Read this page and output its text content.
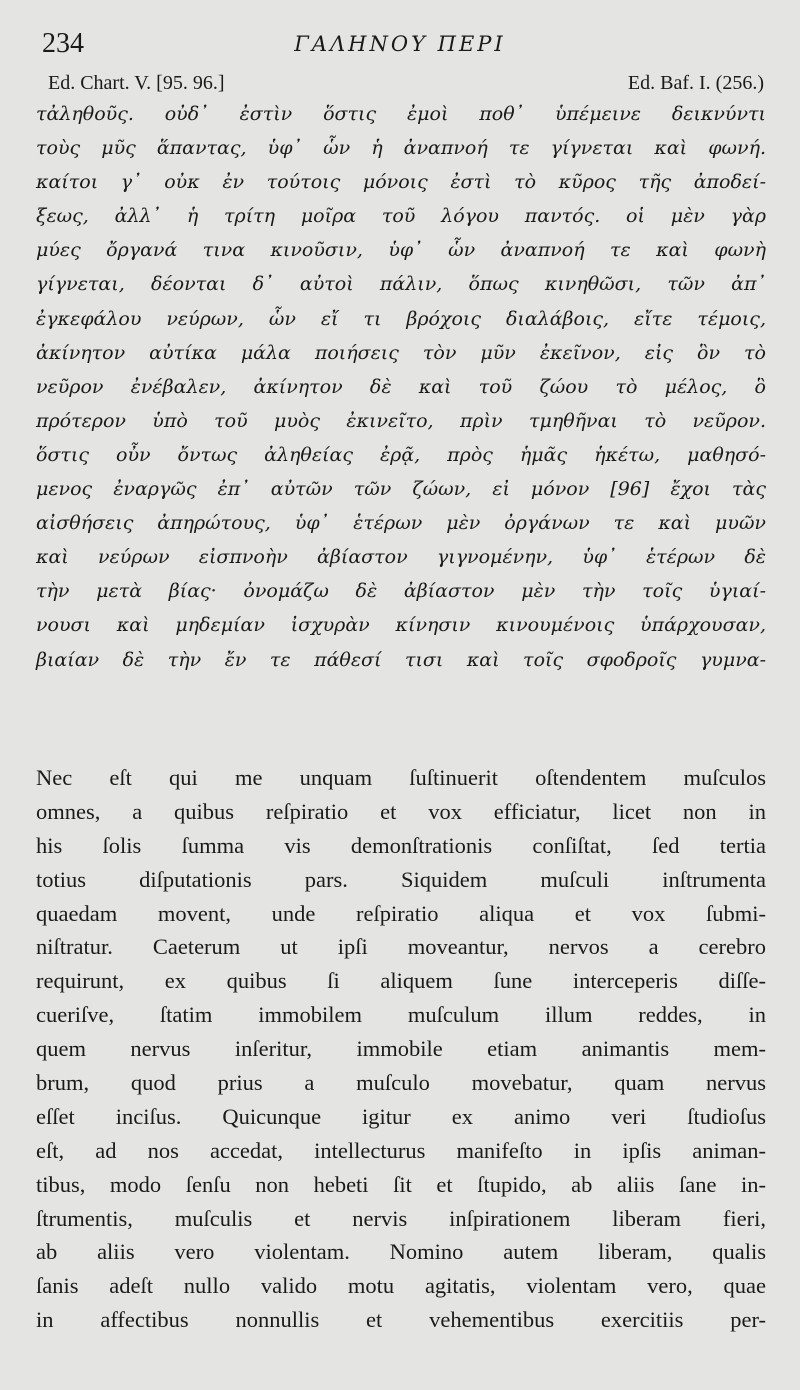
234	ΓΑΛΗΝΟΥ ΠΕΡΙ
Ed. Chart. V. [95. 96.]	Ed. Baf. I. (256.)
τἀληθοῦς. οὐδ᾽ ἐστὶν ὅστις ἐμοὶ ποθ᾽ ὑπέμεινε δεικνύντι
τοὺς μῦς ἅπαντας, ὑφ᾽ ὧν ἡ ἀναπνοή τε γίγνεται καὶ φωνή.
καίτοι γ᾽ οὐκ ἐν τούτοις μόνοις ἐστὶ τὸ κῦρος τῆς ἀποδεί-
ξεως, ἀλλ᾽ ἡ τρίτη μοῖρα τοῦ λόγου παντός. οἱ μὲν γὰρ
μύες ὄργανά τινα κινοῦσιν, ὑφ᾽ ὧν ἀναπνοή τε καὶ φωνὴ
γίγνεται, δέονται δ᾽ αὐτοὶ πάλιν, ὅπως κινηθῶσι, τῶν ἀπ᾽
ἐγκεφάλου νεύρων, ὧν εἴ τι βρόχοις διαλάβοις, εἴτε τέμοις,
ἀκίνητον αὐτίκα μάλα ποιήσεις τὸν μῦν ἐκεῖνον, εἰς ὃν τὸ
νεῦρον ἐνέβαλεν, ἀκίνητον δὲ καὶ τοῦ ζώου τὸ μέλος, ὃ
πρότερον ὑπὸ τοῦ μυὸς ἐκινεῖτο, πρὶν τμηθῆναι τὸ νεῦρον.
ὅστις οὖν ὄντως ἀληθείας ἐρᾷ, πρὸς ἡμᾶς ἡκέτω, μαθησό-
μενος ἐναργῶς ἐπ᾽ αὐτῶν τῶν ζώων, εἰ μόνον [96] ἔχοι τὰς
αἰσθήσεις ἀπηρώτους, ὑφ᾽ ἑτέρων μὲν ὀργάνων τε καὶ μυῶν
καὶ νεύρων εἰσπνοὴν ἀβίαστον γιγνομένην, ὑφ᾽ ἑτέρων δὲ
τὴν μετὰ βίας· ὀνομάζω δὲ ἀβίαστον μὲν τὴν τοῖς ὑγιαί-
νουσι καὶ μηδεμίαν ἰσχυρὰν κίνησιν κινουμένοις ὑπάρχουσαν,
βιαίαν δὲ τὴν ἔν τε πάθεσί τισι καὶ τοῖς σφοδροῖς γυμνα-
Nec eſt qui me unquam ſuſtinuerit oſtendentem muſculos
omnes, a quibus reſpiratio et vox efficiatur, licet non in
his ſolis ſumma vis demonſtrationis conſiſtat, ſed tertia
totius diſputationis pars. Siquidem muſculi inſtrumenta
quaedam movent, unde reſpiratio aliqua et vox ſubmi-
niſtratur. Caeterum ut ipſi moveantur, nervos a cerebro
requirunt, ex quibus ſi aliquem ſune interceperis diſſe-
cueriſve, ſtatim immobilem muſculum illum reddes, in
quem nervus inſeritur, immobile etiam animantis mem-
brum, quod prius a muſculo movebatur, quam nervus
eſſet inciſus. Quicunque igitur ex animo veri ſtudioſus
eſt, ad nos accedat, intellecturus manifeſto in ipſis animan-
tibus, modo ſenſu non hebeti ſit et ſtupido, ab aliis ſane in-
ſtrumentis, muſculis et nervis inſpirationem liberam fieri,
ab aliis vero violentam. Nomino autem liberam, qualis
ſanis adeſt nullo valido motu agitatis, violentam vero, quae
in affectibus nonnullis et vehementibus exercitiis per-
